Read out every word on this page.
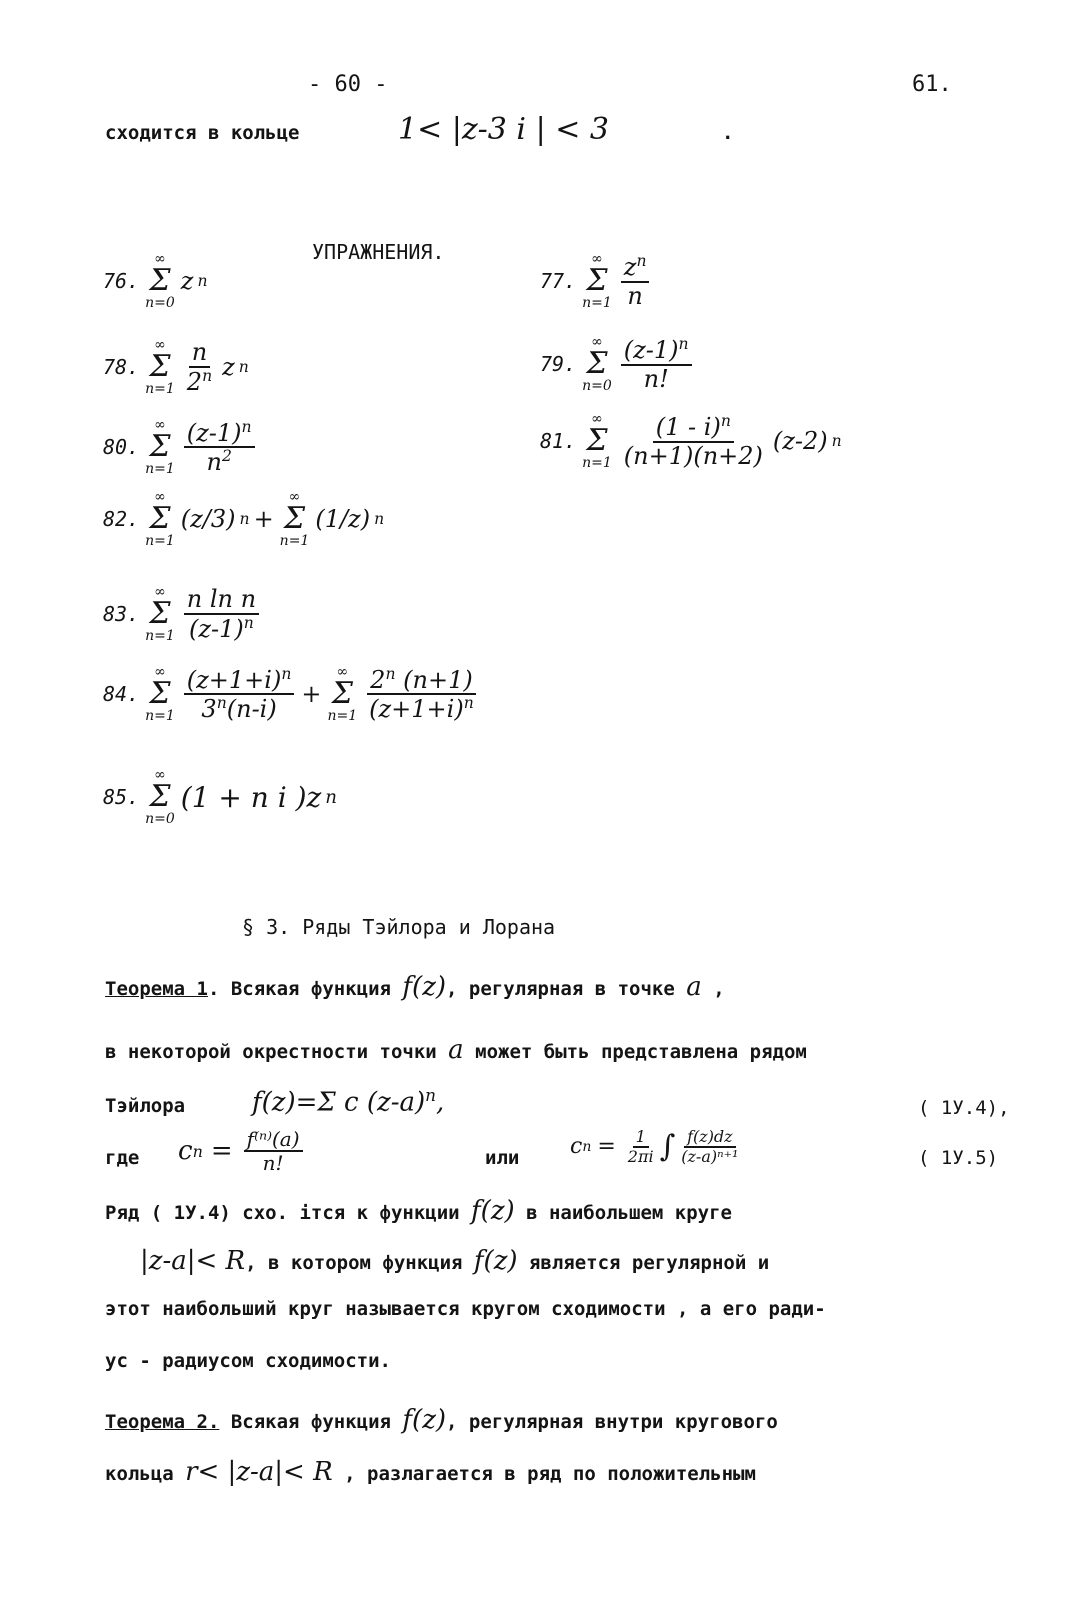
- 60 -	61.
сходится в кольце	1< |z-3 i | < 3	.
УПРАЖНЕНИЯ.
76.
∞
Σ
n=0
z n	77.
∞
Σ
$n=1 \frac{z^n}{n}$
78.
∞
Σ
$n=1 \frac{n}{2^n}$ z n	79.
∞
Σ
$n=0 \frac{(z-1)^n}{n!}$
80.
∞
Σ
$n=1 \frac{(z-1)^n}{n^2}$	81.
∞
Σ
$n=1 \frac{(1 - i)^n}{(n+1)(n+2)} (z-2)$ n
82.
∞
Σ
n=1
(z/3) n +
∞
Σ
n=1
(1/z) n
83.
∞
Σ
$n=1 \frac{\text{n ln n}}{(z-1)^n}$
84.
∞
Σ
$n=1 \frac{(z+1+i)^n}{3^n(n-i)}$ +
∞
Σ
$n=1 \frac{2^n (n+1)}{(z+1+i)^n}$
85.
∞
Σ
n=0
(1 + n i )z n
§ 3. Ряды Тэйлора и Лорана
Теорема 1. Всякая функция f(z), регулярная в точке a ,
в некоторой окрестности точки a может быть представлена рядом
Тэйлора	f(z)=Σ c $(z-a)^n$,	( 1У.4),
где c $n = \frac{\text{f⁽ⁿ⁾(a)}}{n!}$	или c $n = \frac{1}{2\pi i}$ ∫ $\frac{f(z)dz}{\text{(z-a)ⁿ⁺¹}}$	( 1У.5)
Ряд ( 1У.4) схо. ітся к функции f(z) в наибольшем круге
|z-a|< R, в котором функция f(z) является регулярной и
этот наибольший круг называется кругом сходимости , а его ради-
ус - радиусом сходимости.
Теорема 2. Всякая функция f(z), регулярная внутри кругового
кольца r< |z-a|< R , разлагается в ряд по положительным
